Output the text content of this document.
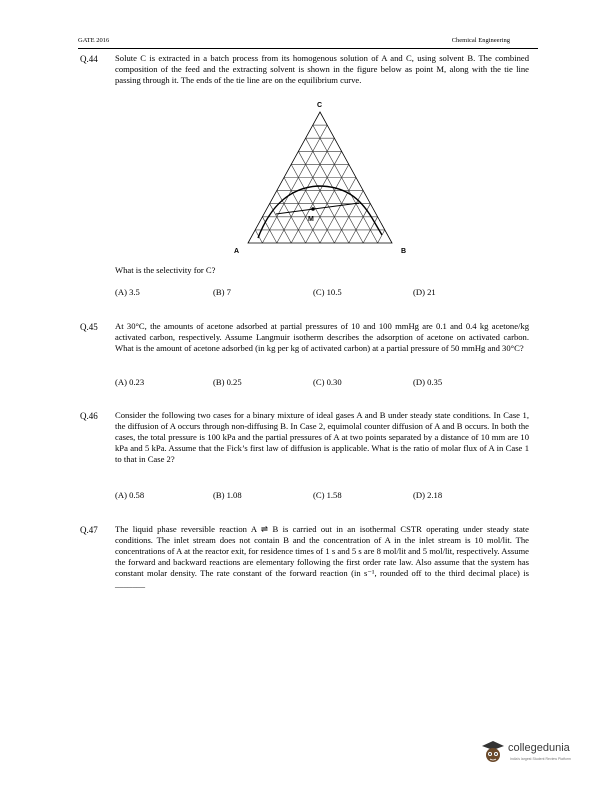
GATE 2016	Chemical Engineering
Q.44 Solute C is extracted in a batch process from its homogenous solution of A and C, using solvent B. The combined composition of the feed and the extracting solvent is shown in the figure below as point M, along with the tie line passing through it. The ends of the tie line are on the equilibrium curve.
M
C
A	B
What is the selectivity for C?
(A) 3.5	(B) 7	(C) 10.5	(D) 21
Q.45 At 30°C, the amounts of acetone adsorbed at partial pressures of 10 and 100 mmHg are 0.1 and 0.4 kg acetone/kg activated carbon, respectively. Assume Langmuir isotherm describes the adsorption of acetone on activated carbon. What is the amount of acetone adsorbed (in kg per kg of activated carbon) at a partial pressure of 50 mmHg and 30°C?
(A) 0.23	(B) 0.25	(C) 0.30	(D) 0.35
Q.46 Consider the following two cases for a binary mixture of ideal gases A and B under steady state conditions. In Case 1, the diffusion of A occurs through non-diffusing B. In Case 2, equimolal counter diffusion of A and B occurs. In both the cases, the total pressure is 100 kPa and the partial pressures of A at two points separated by a distance of 10 mm are 10 kPa and 5 kPa. Assume that the Fick’s first law of diffusion is applicable. What is the ratio of molar flux of A in Case 1 to that in Case 2?
(A) 0.58	(B) 1.08	(C) 1.58	(D) 2.18
Q.47 The liquid phase reversible reaction A ⇌ B is carried out in an isothermal CSTR operating under steady state conditions. The inlet stream does not contain B and the concentration of A in the inlet stream is 10 mol/lit. The concentrations of A at the reactor exit, for residence times of 1 s and 5 s are 8 mol/lit and 5 mol/lit, respectively. Assume the forward and backward reactions are elementary following the first order rate law. Also assume that the system has constant molar density. The rate constant of the forward reaction (in s⁻¹, rounded off to the third decimal place) is _______
collegedunia
India's largest Student Review Platform
